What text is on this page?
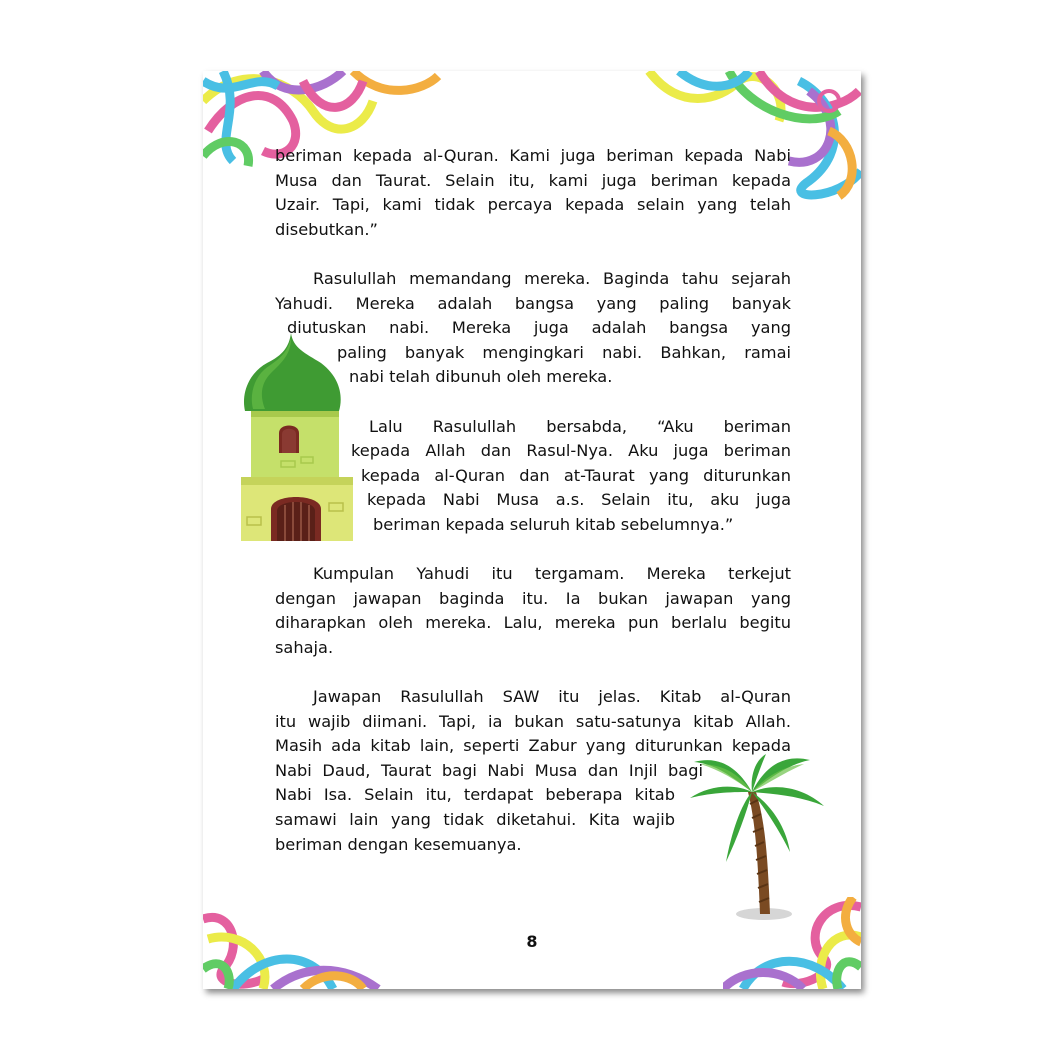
beriman kepada al-Quran. Kami juga beriman kepada Nabi
Musa dan Taurat. Selain itu, kami juga beriman kepada
Uzair. Tapi, kami tidak percaya kepada selain yang telah
disebutkan.”

Rasulullah memandang mereka. Baginda tahu sejarah
Yahudi. Mereka adalah bangsa yang paling banyak
diutuskan nabi. Mereka juga adalah bangsa yang
paling banyak mengingkari nabi. Bahkan, ramai
nabi telah dibunuh oleh mereka.

Lalu Rasulullah bersabda, “Aku beriman
kepada Allah dan Rasul-Nya. Aku juga beriman
kepada al-Quran dan at-Taurat yang diturunkan
kepada Nabi Musa a.s. Selain itu, aku juga
beriman kepada seluruh kitab sebelumnya.”

Kumpulan Yahudi itu tergamam. Mereka terkejut
dengan jawapan baginda itu. Ia bukan jawapan yang
diharapkan oleh mereka. Lalu, mereka pun berlalu begitu
sahaja.

Jawapan Rasulullah SAW itu jelas. Kitab al-Quran
itu wajib diimani. Tapi, ia bukan satu-satunya kitab Allah.
Masih ada kitab lain, seperti Zabur yang diturunkan kepada
Nabi Daud, Taurat bagi Nabi Musa dan Injil bagi
Nabi Isa. Selain itu, terdapat beberapa kitab
samawi lain yang tidak diketahui. Kita wajib
beriman dengan kesemuanya.

8
